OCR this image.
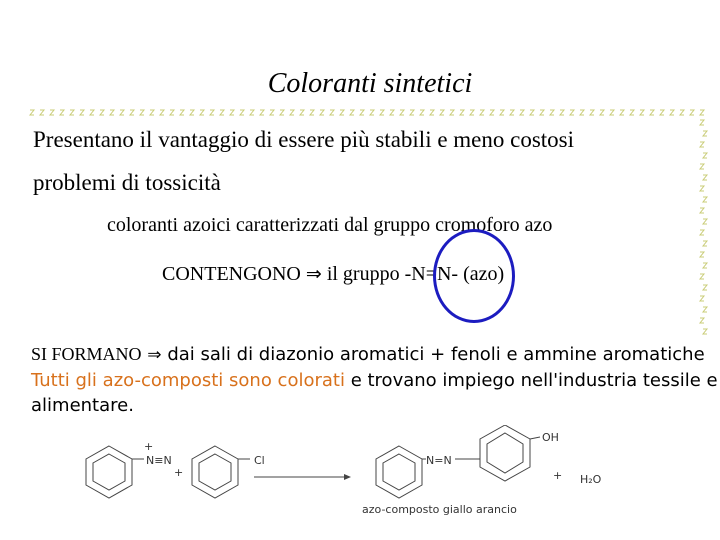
Coloranti sintetici
Presentano il vantaggio di essere più stabili e meno costosi
problemi di tossicità
coloranti azoici caratterizzati dal gruppo cromoforo azo
CONTENGONO ⇒ il gruppo -N=N- (azo)
SI FORMANO ⇒ dai sali di diazonio aromatici + fenoli e ammine aromatiche Tutti gli azo-composti sono colorati e trovano impiego nell'industria tessile e alimentare.
N≡N
+
+
Cl	N=N
OH
+ H₂O
azo-composto giallo arancio
